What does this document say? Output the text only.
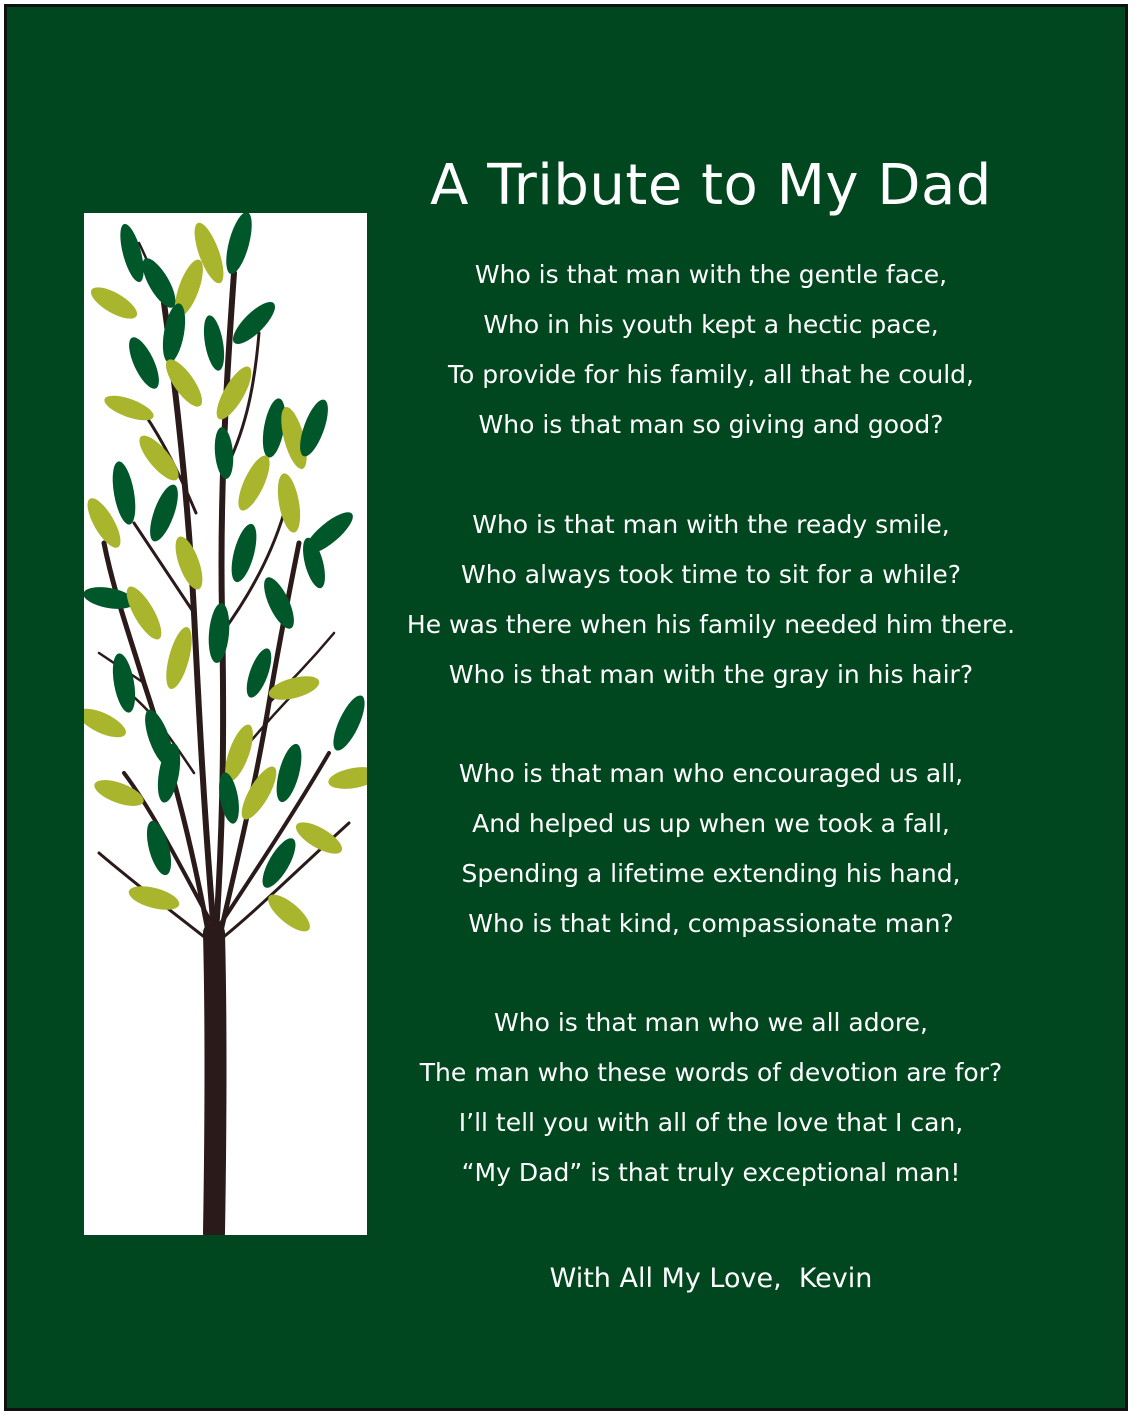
A Tribute to My Dad
Who is that man with the gentle face,
Who in his youth kept a hectic pace,
To provide for his family, all that he could,
Who is that man so giving and good?
Who is that man with the ready smile,
Who always took time to sit for a while?
He was there when his family needed him there.
Who is that man with the gray in his hair?
Who is that man who encouraged us all,
And helped us up when we took a fall,
Spending a lifetime extending his hand,
Who is that kind, compassionate man?
Who is that man who we all adore,
The man who these words of devotion are for?
I’ll tell you with all of the love that I can,
“My Dad” is that truly exceptional man!
With All My Love,  Kevin
